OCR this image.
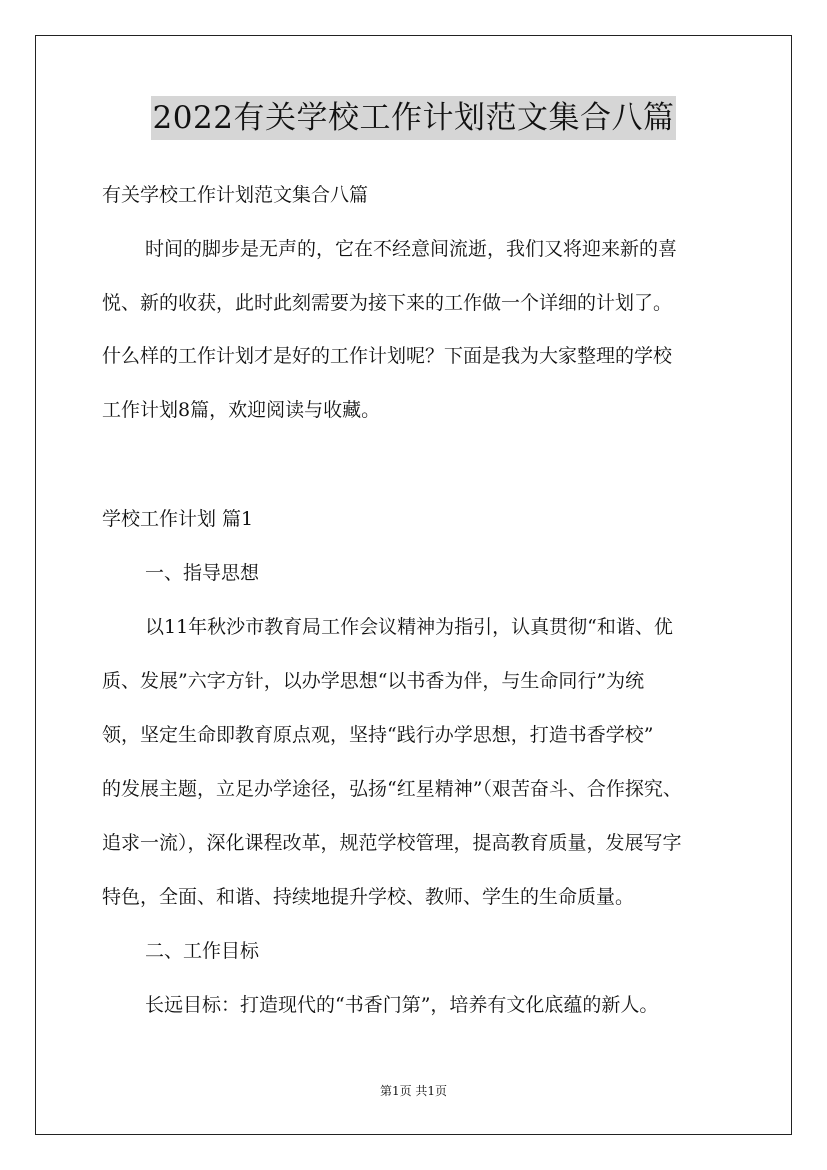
2022有关学校工作计划范文集合八篇
有关学校工作计划范文集合八篇
时间的脚步是无声的，它在不经意间流逝，我们又将迎来新的喜
悦、新的收获，此时此刻需要为接下来的工作做一个详细的计划了。
什么样的工作计划才是好的工作计划呢？下面是我为大家整理的学校
工作计划8篇，欢迎阅读与收藏。
学校工作计划 篇1
一、指导思想
以11年秋沙市教育局工作会议精神为指引，认真贯彻“和谐、优
质、发展”六字方针，以办学思想“以书香为伴，与生命同行”为统
领，坚定生命即教育原点观，坚持“践行办学思想，打造书香学校”
的发展主题，立足办学途径，弘扬“红星精神”（艰苦奋斗、合作探究、
追求一流），深化课程改革，规范学校管理，提高教育质量，发展写字
特色，全面、和谐、持续地提升学校、教师、学生的生命质量。
二、工作目标
长远目标：打造现代的“书香门第”，培养有文化底蕴的新人。
第1页 共1页
